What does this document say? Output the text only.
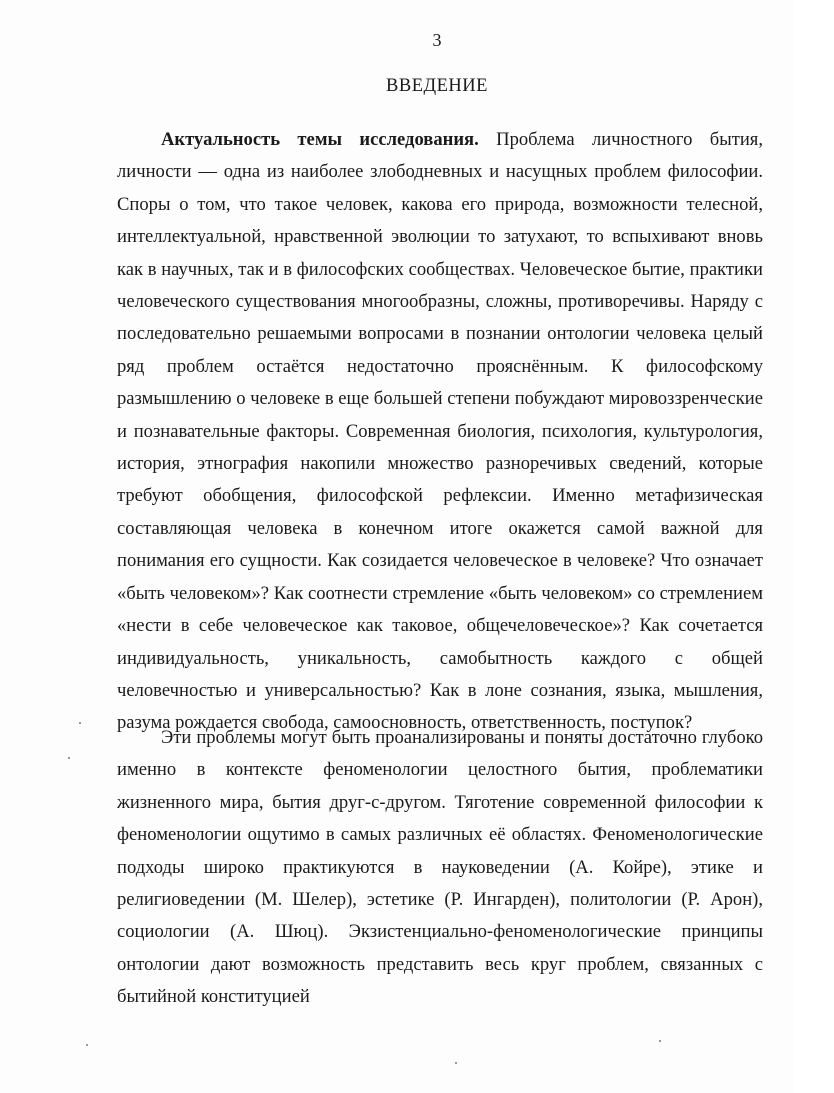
3

ВВЕДЕНИЕ

Актуальность темы исследования. Проблема личностного бытия, личности — одна из наиболее злободневных и насущных проблем философии. Споры о том, что такое человек, какова его природа, возможности телесной, интеллектуальной, нравственной эволюции то затухают, то вспыхивают вновь как в научных, так и в философских сообществах. Человеческое бытие, практики человеческого существования многообразны, сложны, противоречивы. Наряду с последовательно решаемыми вопросами в познании онтологии человека целый ряд проблем остаётся недостаточно прояснённым. К философскому размышлению о человеке в еще большей степени побуждают мировоззренческие и познавательные факторы. Современная биология, психология, культурология, история, этнография накопили множество разноречивых сведений, которые требуют обобщения, философской рефлексии. Именно метафизическая составляющая человека в конечном итоге окажется самой важной для понимания его сущности. Как созидается человеческое в человеке? Что означает «быть человеком»? Как соотнести стремление «быть человеком» со стремлением «нести в себе человеческое как таковое, общечеловеческое»? Как сочетается индивидуальность, уникальность, самобытность каждого с общей человечностью и универсальностью? Как в лоне сознания, языка, мышления, разума рождается свобода, самоосновность, ответственность, поступок?

Эти проблемы могут быть проанализированы и поняты достаточно глубоко именно в контексте феноменологии целостного бытия, проблематики жизненного мира, бытия друг-с-другом. Тяготение современной философии к феноменологии ощутимо в самых различных её областях. Феноменологические подходы широко практикуются в науковедении (А. Койре), этике и религиоведении (М. Шелер), эстетике (Р. Ингарден), политологии (Р. Арон), социологии (А. Шюц). Экзистенциально-феноменологические принципы онтологии дают возможность представить весь круг проблем, связанных с бытийной конституцией
